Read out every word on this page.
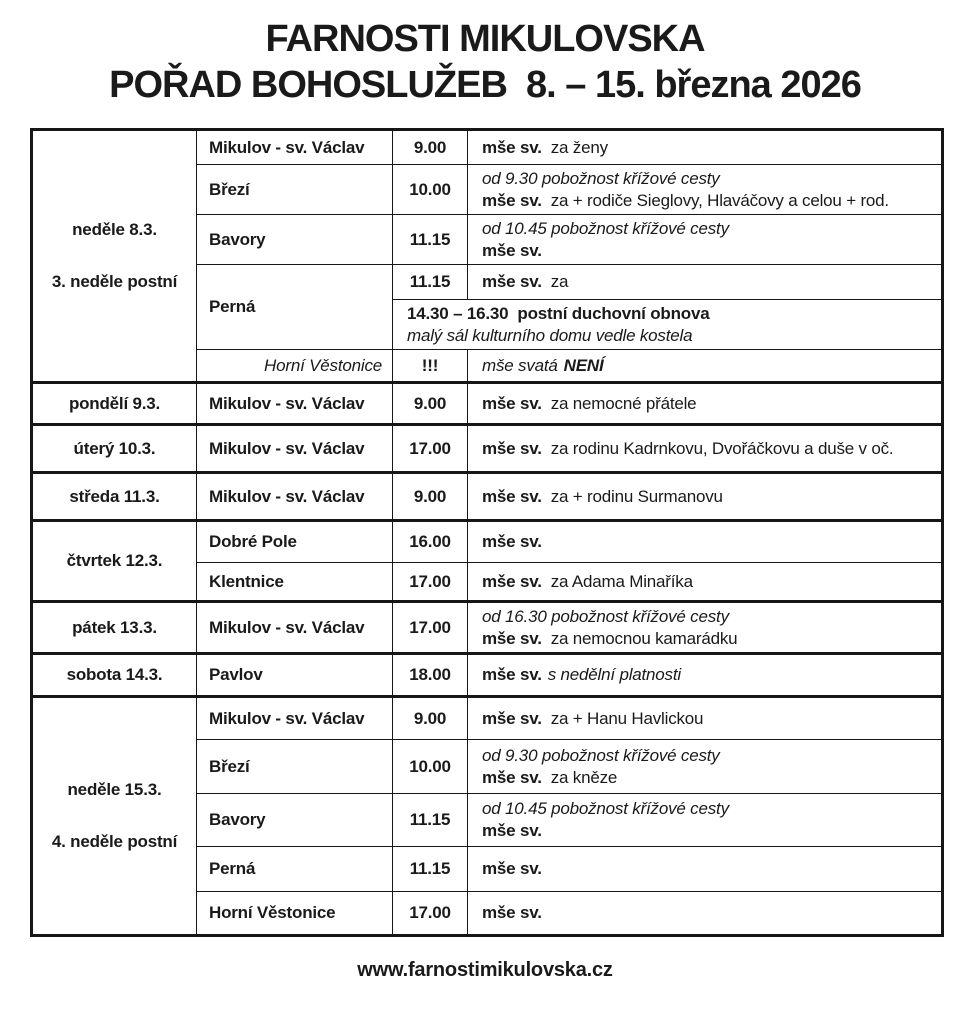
FARNOSTI MIKULOVSKA
POŘAD BOHOSLUŽEB  8. – 15. března 2026
neděle 8.3.
3. neděle postní	Mikulov - sv. Václav	9.00	mše sv. za ženy
	Březí	10.00	od 9.30 pobožnost křížové cesty
mše sv. za + rodiče Sieglovy, Hlaváčovy a celou + rod.

	Bavory	11.15	od 10.45 pobožnost křížové cesty
mše sv.

	Perná	11.15	mše sv. za

		14.30 – 16.30  postní duchovní obnova
malý sál kulturního domu vedle kostela	

	Horní Věstonice	!!!	mše svatá NENÍ
pondělí 9.3.	Mikulov - sv. Václav	9.00	mše sv. za nemocné přátele
úterý 10.3.	Mikulov - sv. Václav	17.00	mše sv. za rodinu Kadrnkovu, Dvořáčkovu a duše v oč.
středa 11.3.	Mikulov - sv. Václav	9.00	mše sv. za + rodinu Surmanovu
čtvrtek 12.3.	Dobré Pole	16.00	mše sv.
	Klentnice	17.00	mše sv. za Adama Minaříka
pátek 13.3.	Mikulov - sv. Václav	17.00	od 16.30 pobožnost křížové cesty
mše sv. za nemocnou kamarádku

sobota 14.3.	Pavlov	18.00	mše sv. s nedělní platnosti

neděle 15.3.
4. neděle postní	Mikulov - sv. Václav	9.00	mše sv. za + Hanu Havlickou
	Březí	10.00	od 9.30 pobožnost křížové cesty
mše sv. za kněze

	Bavory	11.15	od 10.45 pobožnost křížové cesty
mše sv.

	Perná	11.15	mše sv.
	Horní Věstonice	17.00	mše sv.
www.farnostimikulovska.cz
